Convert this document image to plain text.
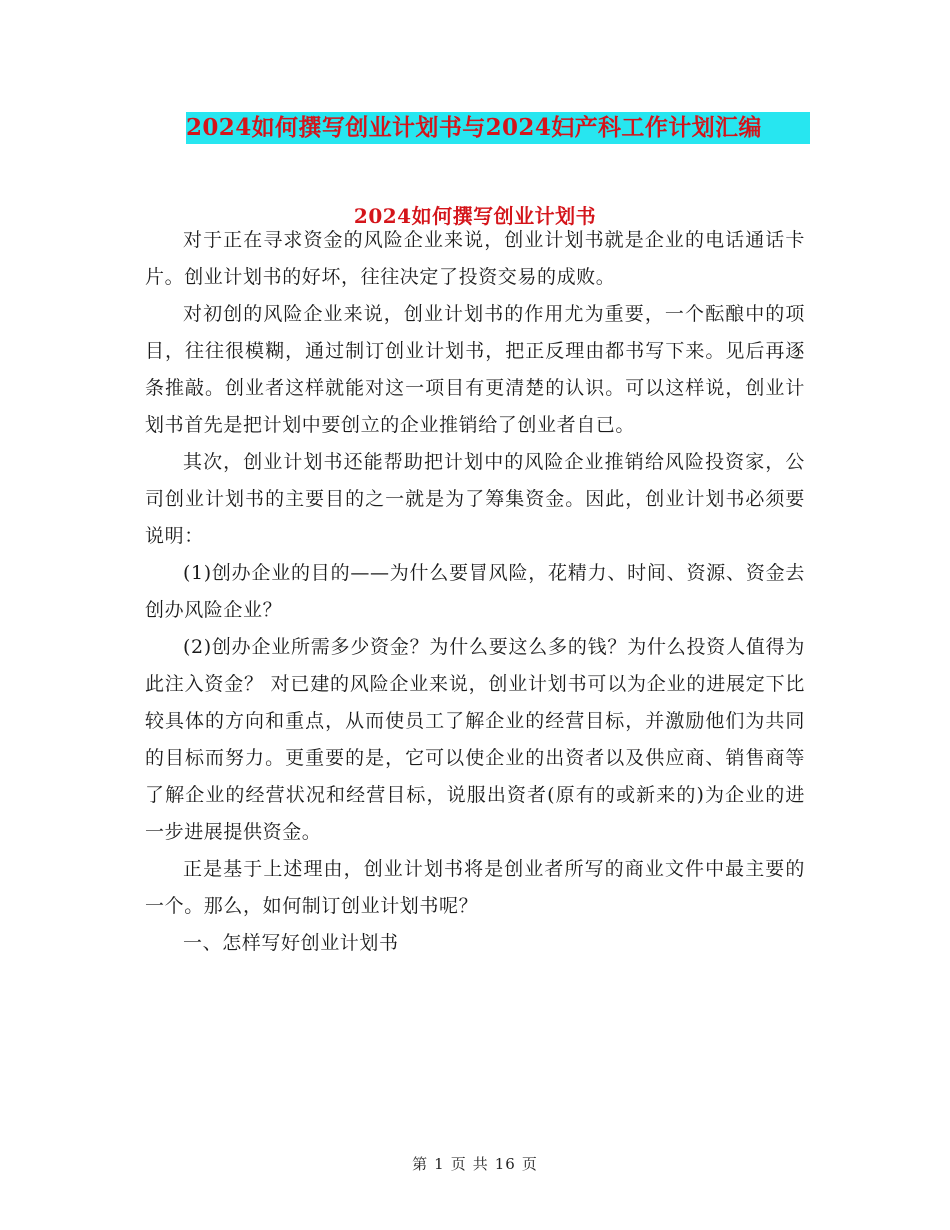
2024如何撰写创业计划书与2024妇产科工作计划汇编
2024如何撰写创业计划书

对于正在寻求资金的风险企业来说，创业计划书就是企业的电话通话卡片。创业计划书的好坏，往往决定了投资交易的成败。

对初创的风险企业来说，创业计划书的作用尤为重要，一个酝酿中的项目，往往很模糊，通过制订创业计划书，把正反理由都书写下来。见后再逐条推敲。创业者这样就能对这一项目有更清楚的认识。可以这样说，创业计划书首先是把计划中要创立的企业推销给了创业者自已。

其次，创业计划书还能帮助把计划中的风险企业推销给风险投资家，公司创业计划书的主要目的之一就是为了筹集资金。因此，创业计划书必须要说明：

(1)创办企业的目的——为什么要冒风险，花精力、时间、资源、资金去创办风险企业？

(2)创办企业所需多少资金？为什么要这么多的钱？为什么投资人值得为此注入资金？ 对已建的风险企业来说，创业计划书可以为企业的进展定下比较具体的方向和重点，从而使员工了解企业的经营目标，并激励他们为共同的目标而努力。更重要的是，它可以使企业的出资者以及供应商、销售商等了解企业的经营状况和经营目标，说服出资者(原有的或新来的)为企业的进一步进展提供资金。

正是基于上述理由，创业计划书将是创业者所写的商业文件中最主要的一个。那么，如何制订创业计划书呢？

一、怎样写好创业计划书

第 1 页 共 16 页
